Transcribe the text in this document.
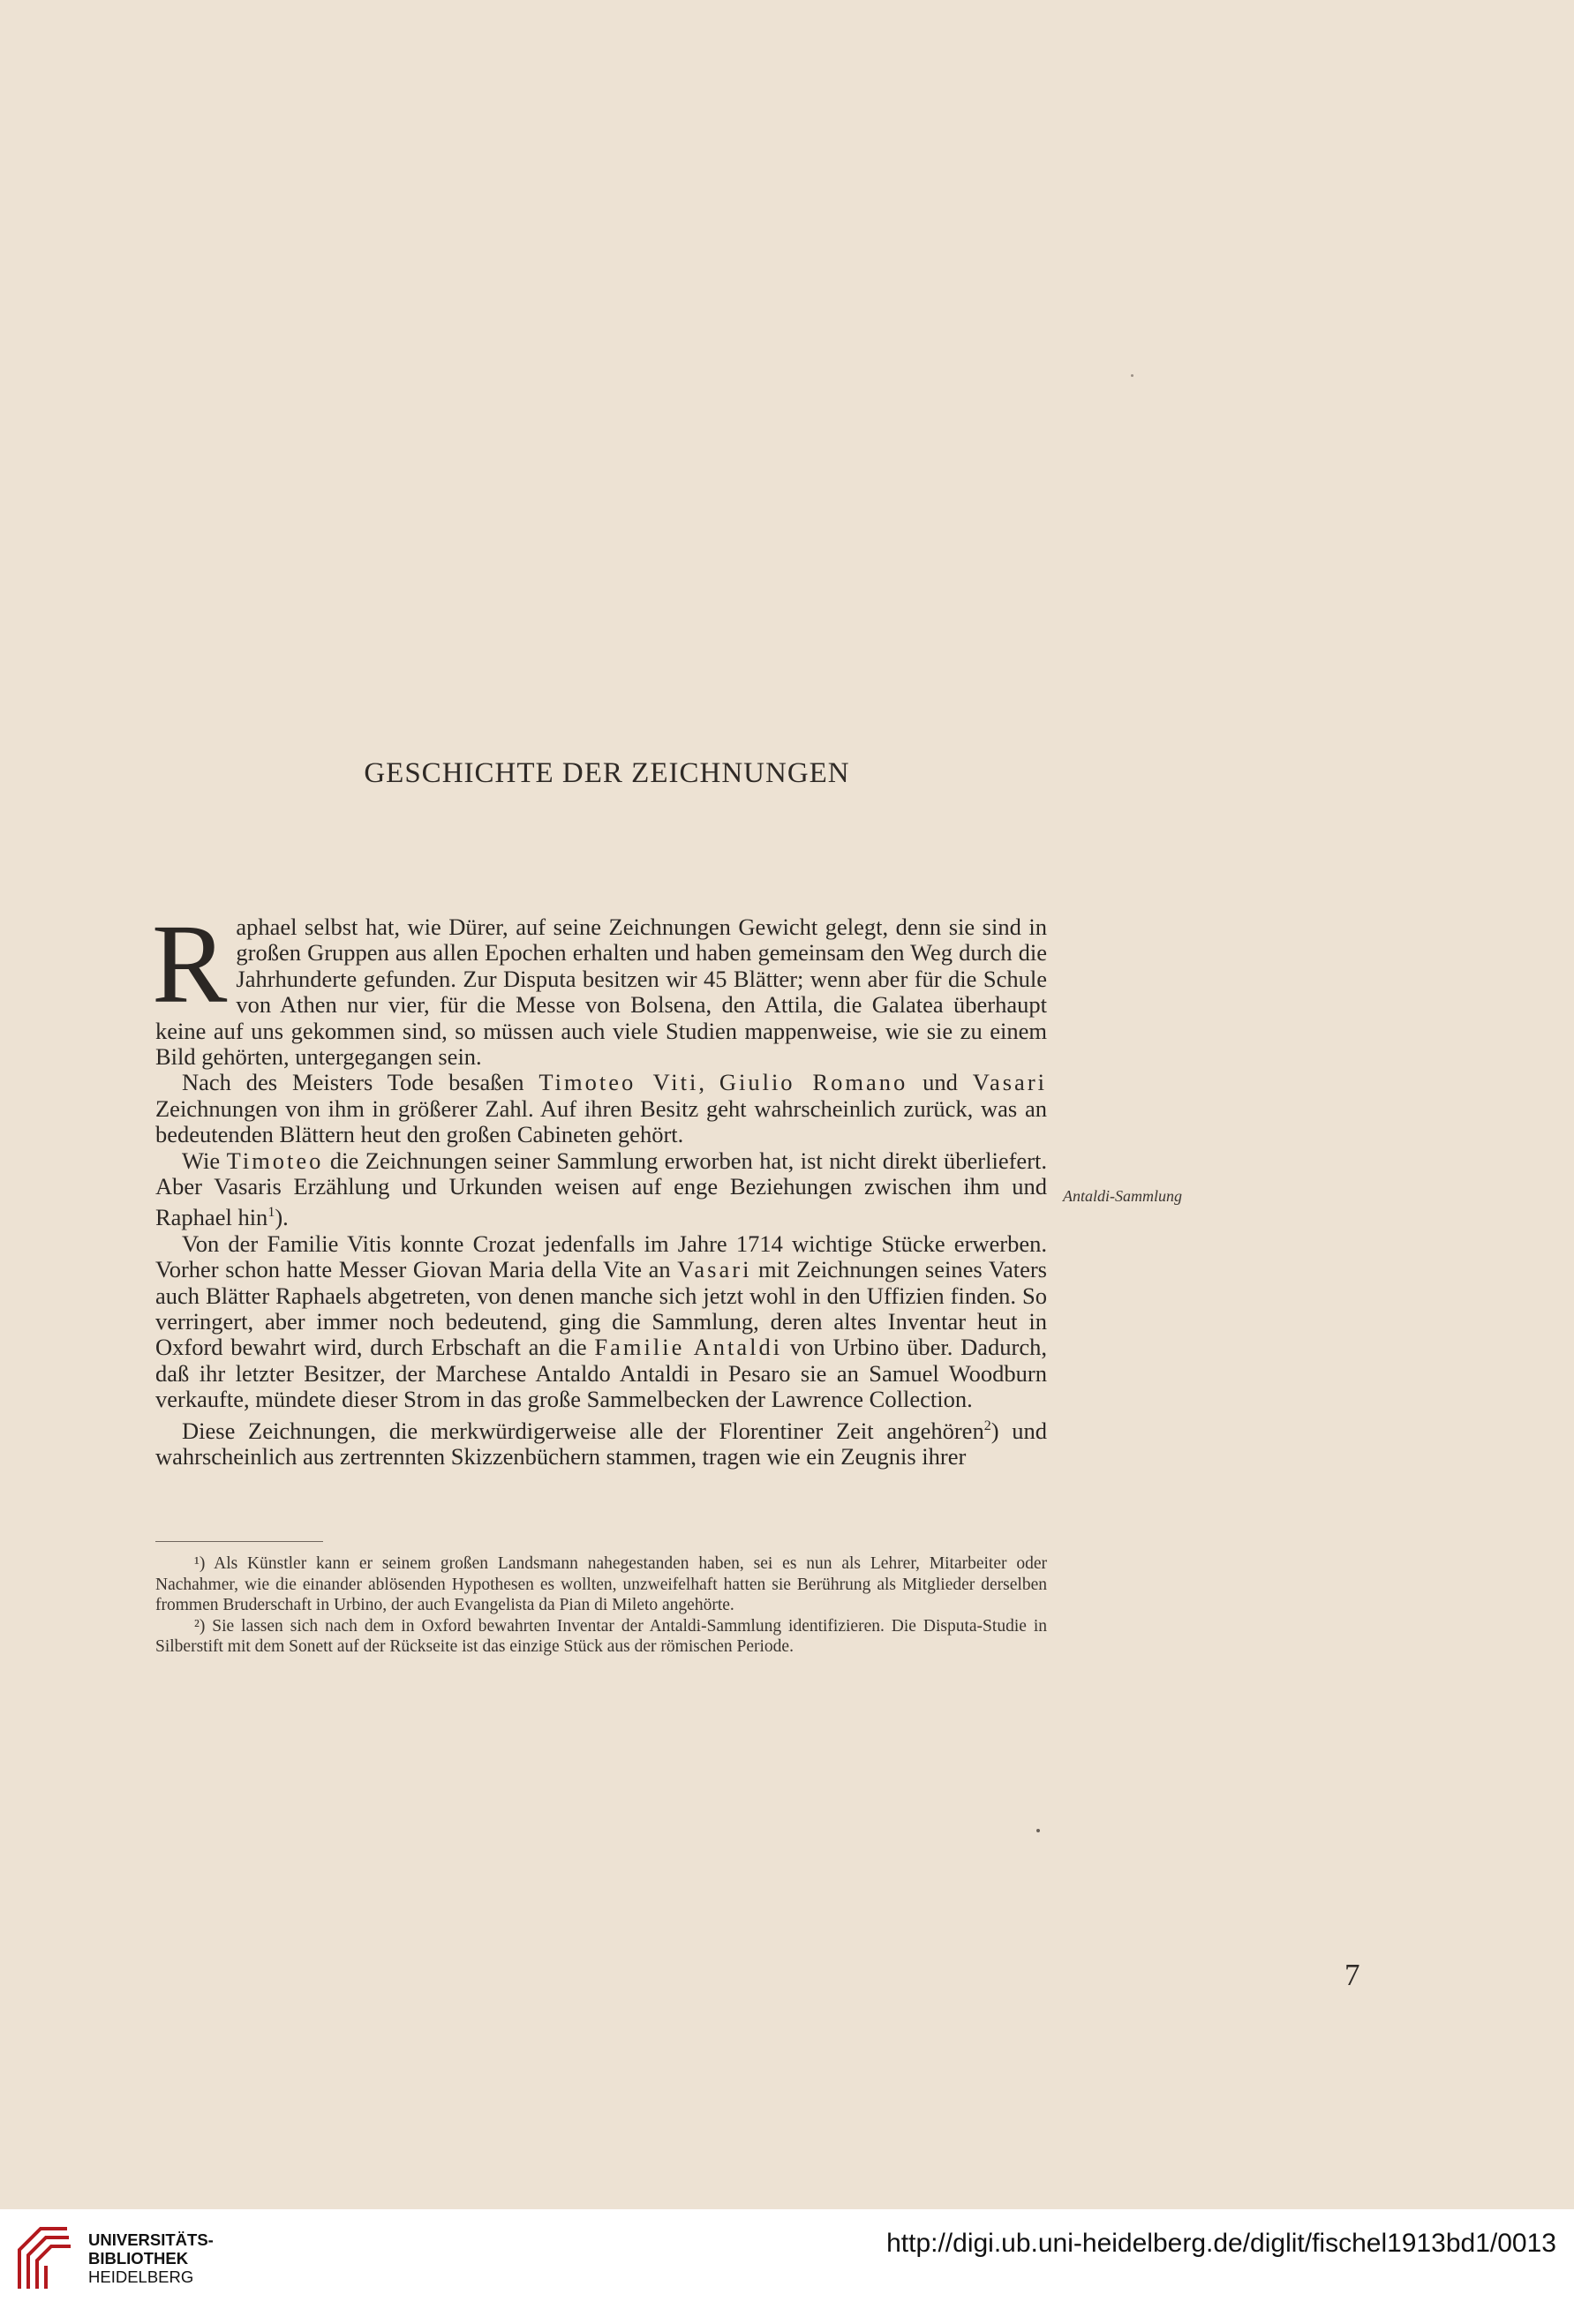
GESCHICHTE DER ZEICHNUNGEN

Raphael selbst hat, wie Dürer, auf seine Zeichnungen Gewicht gelegt, denn sie sind in großen Gruppen aus allen Epochen erhalten und haben gemeinsam den Weg durch die Jahrhunderte gefunden. Zur Disputa besitzen wir 45 Blätter; wenn aber für die Schule von Athen nur vier, für die Messe von Bolsena, den Attila, die Galatea überhaupt keine auf uns gekommen sind, so müssen auch viele Studien mappenweise, wie sie zu einem Bild gehörten, untergegangen sein.

Nach des Meisters Tode besaßen Timoteo Viti, Giulio Romano und Vasari Zeichnungen von ihm in größerer Zahl. Auf ihren Besitz geht wahrscheinlich zurück, was an bedeutenden Blättern heut den großen Cabineten gehört.

Wie Timoteo die Zeichnungen seiner Sammlung erworben hat, ist nicht direkt überliefert. Aber Vasaris Erzählung und Urkunden weisen auf enge Beziehungen zwischen ihm und Raphael hin$^1$).

Von der Familie Vitis konnte Crozat jedenfalls im Jahre 1714 wichtige Stücke erwerben. Vorher schon hatte Messer Giovan Maria della Vite an Vasari mit Zeichnungen seines Vaters auch Blätter Raphaels abgetreten, von denen manche sich jetzt wohl in den Uffizien finden. So verringert, aber immer noch bedeutend, ging die Sammlung, deren altes Inventar heut in Oxford bewahrt wird, durch Erbschaft an die Familie Antaldi von Urbino über. Dadurch, daß ihr letzter Besitzer, der Marchese Antaldo Antaldi in Pesaro sie an Samuel Woodburn verkaufte, mündete dieser Strom in das große Sammelbecken der Lawrence Collection.

Diese Zeichnungen, die merkwürdigerweise alle der Florentiner Zeit angehören$^2$) und wahrscheinlich aus zertrennten Skizzenbüchern stammen, tragen wie ein Zeugnis ihrer

Antaldi-Sammlung

¹) Als Künstler kann er seinem großen Landsmann nahegestanden haben, sei es nun als Lehrer, Mitarbeiter oder Nachahmer, wie die einander ablösenden Hypothesen es wollten, unzweifelhaft hatten sie Berührung als Mitglieder derselben frommen Bruderschaft in Urbino, der auch Evangelista da Pian di Mileto angehörte.

²) Sie lassen sich nach dem in Oxford bewahrten Inventar der Antaldi-Sammlung identifizieren. Die Disputa-Studie in Silberstift mit dem Sonett auf der Rückseite ist das einzige Stück aus der römischen Periode.

7
UNIVERSITÄTS-
BIBLIOTHEK
HEIDELBERG
http://digi.ub.uni-heidelberg.de/diglit/fischel1913bd1/0013
